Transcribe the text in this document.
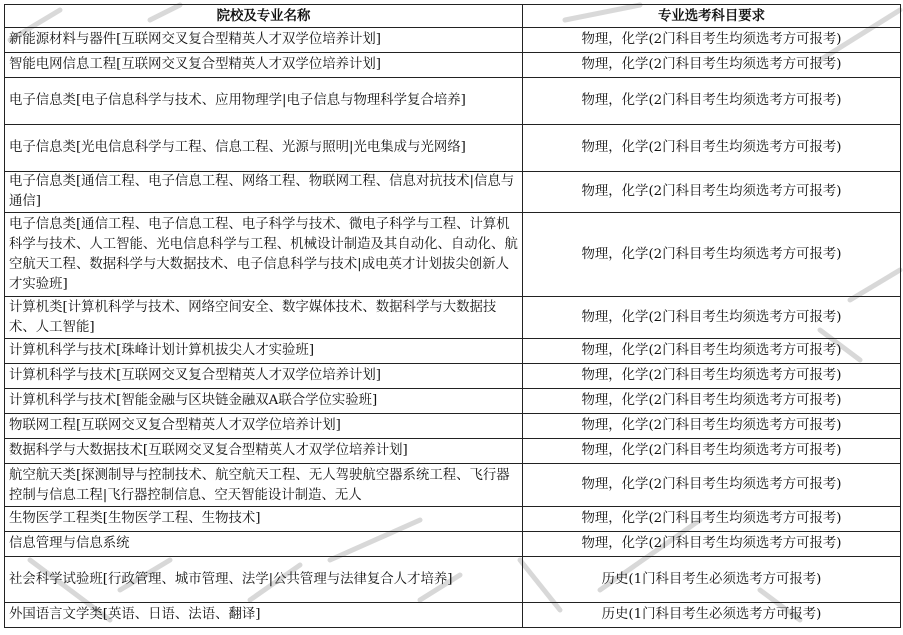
院校及专业名称	专业选考科目要求
新能源材料与器件[互联网交叉复合型精英人才双学位培养计划]	物理，化学(2门科目考生均须选考方可报考)
智能电网信息工程[互联网交叉复合型精英人才双学位培养计划]	物理，化学(2门科目考生均须选考方可报考)
电子信息类[电子信息科学与技术、应用物理学|电子信息与物理科学复合培养]	物理，化学(2门科目考生均须选考方可报考)
电子信息类[光电信息科学与工程、信息工程、光源与照明|光电集成与光网络]	物理，化学(2门科目考生均须选考方可报考)
电子信息类[通信工程、电子信息工程、网络工程、物联网工程、信息对抗技术|信息与通信]	物理，化学(2门科目考生均须选考方可报考)
电子信息类[通信工程、电子信息工程、电子科学与技术、微电子科学与工程、计算机科学与技术、人工智能、光电信息科学与工程、机械设计制造及其自动化、自动化、航空航天工程、数据科学与大数据技术、电子信息科学与技术|成电英才计划拔尖创新人才实验班]	物理，化学(2门科目考生均须选考方可报考)
计算机类[计算机科学与技术、网络空间安全、数字媒体技术、数据科学与大数据技术、人工智能]	物理，化学(2门科目考生均须选考方可报考)
计算机科学与技术[珠峰计划计算机拔尖人才实验班]	物理，化学(2门科目考生均须选考方可报考)
计算机科学与技术[互联网交叉复合型精英人才双学位培养计划]	物理，化学(2门科目考生均须选考方可报考)
计算机科学与技术[智能金融与区块链金融双A联合学位实验班]	物理，化学(2门科目考生均须选考方可报考)
物联网工程[互联网交叉复合型精英人才双学位培养计划]	物理，化学(2门科目考生均须选考方可报考)
数据科学与大数据技术[互联网交叉复合型精英人才双学位培养计划]	物理，化学(2门科目考生均须选考方可报考)

航空航天类[探测制导与控制技术、航空航天工程、无人驾驶航空器系统工程、飞行器控制与信息工程|飞行器控制信息、空天智能设计制造、无人	物理，化学(2门科目考生均须选考方可报考)
生物医学工程类[生物医学工程、生物技术]	物理，化学(2门科目考生均须选考方可报考)
信息管理与信息系统	物理，化学(2门科目考生均须选考方可报考)
社会科学试验班[行政管理、城市管理、法学|公共管理与法律复合人才培养]	历史(1门科目考生必须选考方可报考)
外国语言文学类[英语、日语、法语、翻译]	历史(1门科目考生必须选考方可报考)
